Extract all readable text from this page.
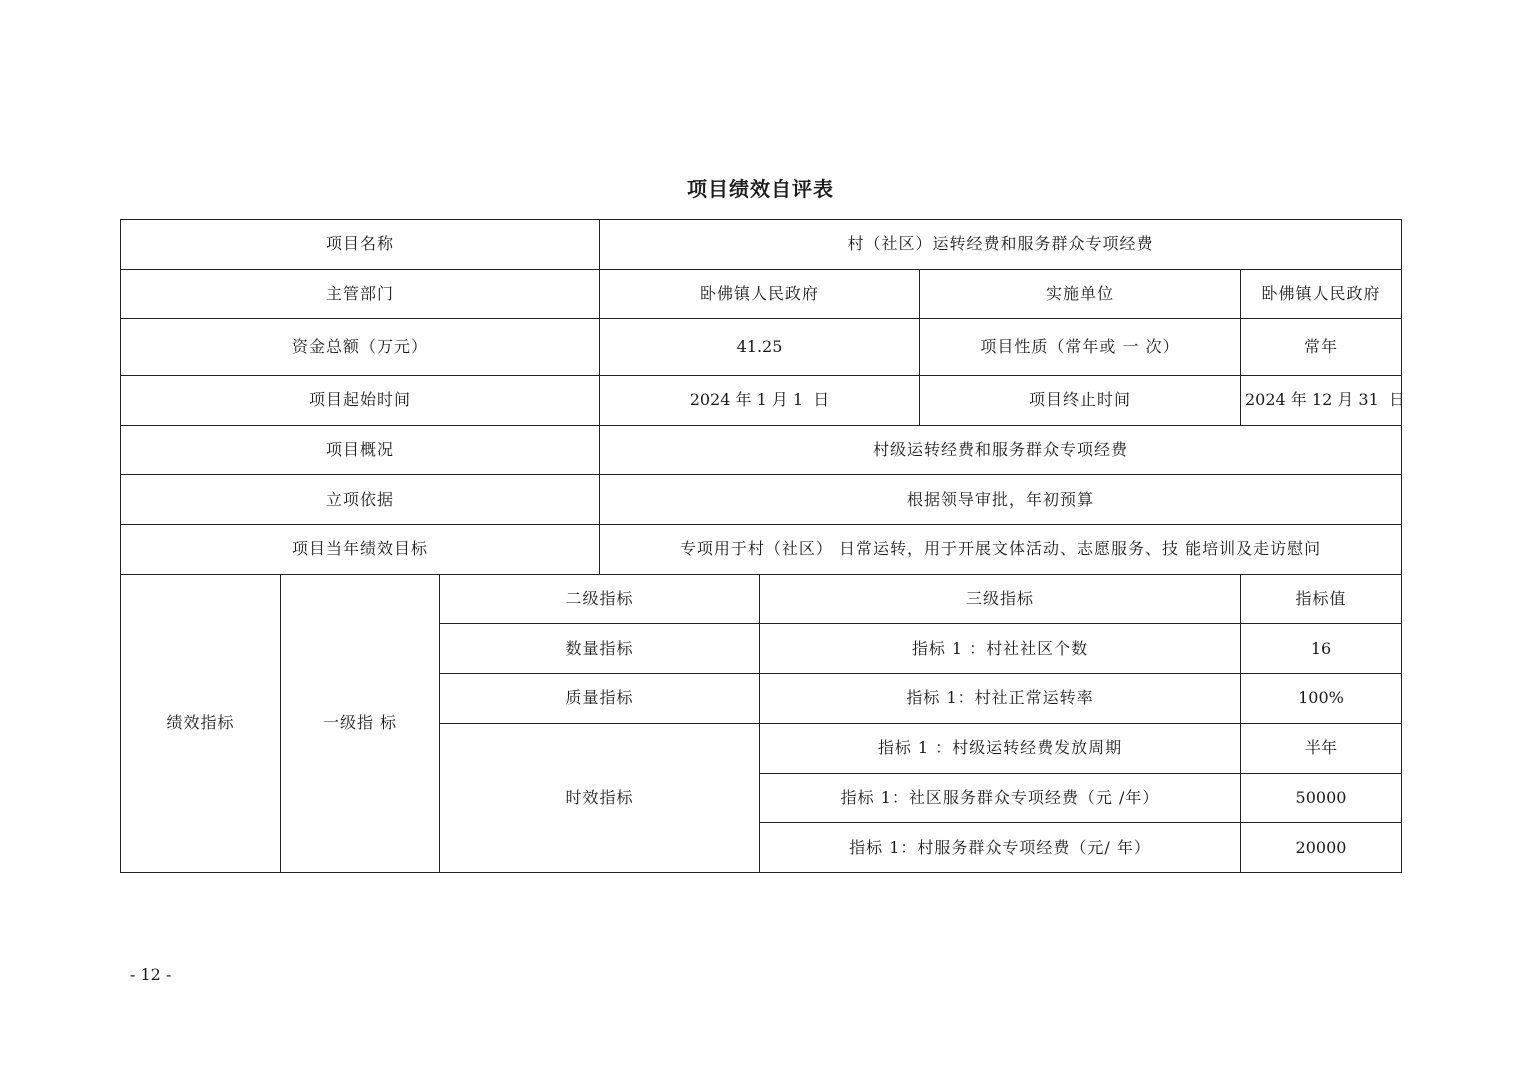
项目绩效自评表
项目名称			村（社区）运转经费和服务群众专项经费			
主管部门			卧佛镇人民政府		实施单位	卧佛镇人民政府
资金总额（万元）			41.25		项目性质（常年或 一 次）	常年
项目起始时间			2024 年 1 月 1  日		项目终止时间	2024 年 12 月 31  日
项目概况			村级运转经费和服务群众专项经费			
立项依据			根据领导审批，年初预算			
项目当年绩效目标			专项用于村（社区） 日常运转，用于开展文体活动、志愿服务、技 能培训及走访慰问			
绩效指标	一级指 标	二级指标		三级指标		指标值
		数量指标		指标 1 ：村社社区个数		16
		质量指标		指标 1：村社正常运转率		100%
		时效指标		指标 1 ：村级运转经费发放周期		半年
				指标 1：社区服务群众专项经费（元 /年）		50000
				指标 1：村服务群众专项经费（元/ 年）		20000
- 12 -
